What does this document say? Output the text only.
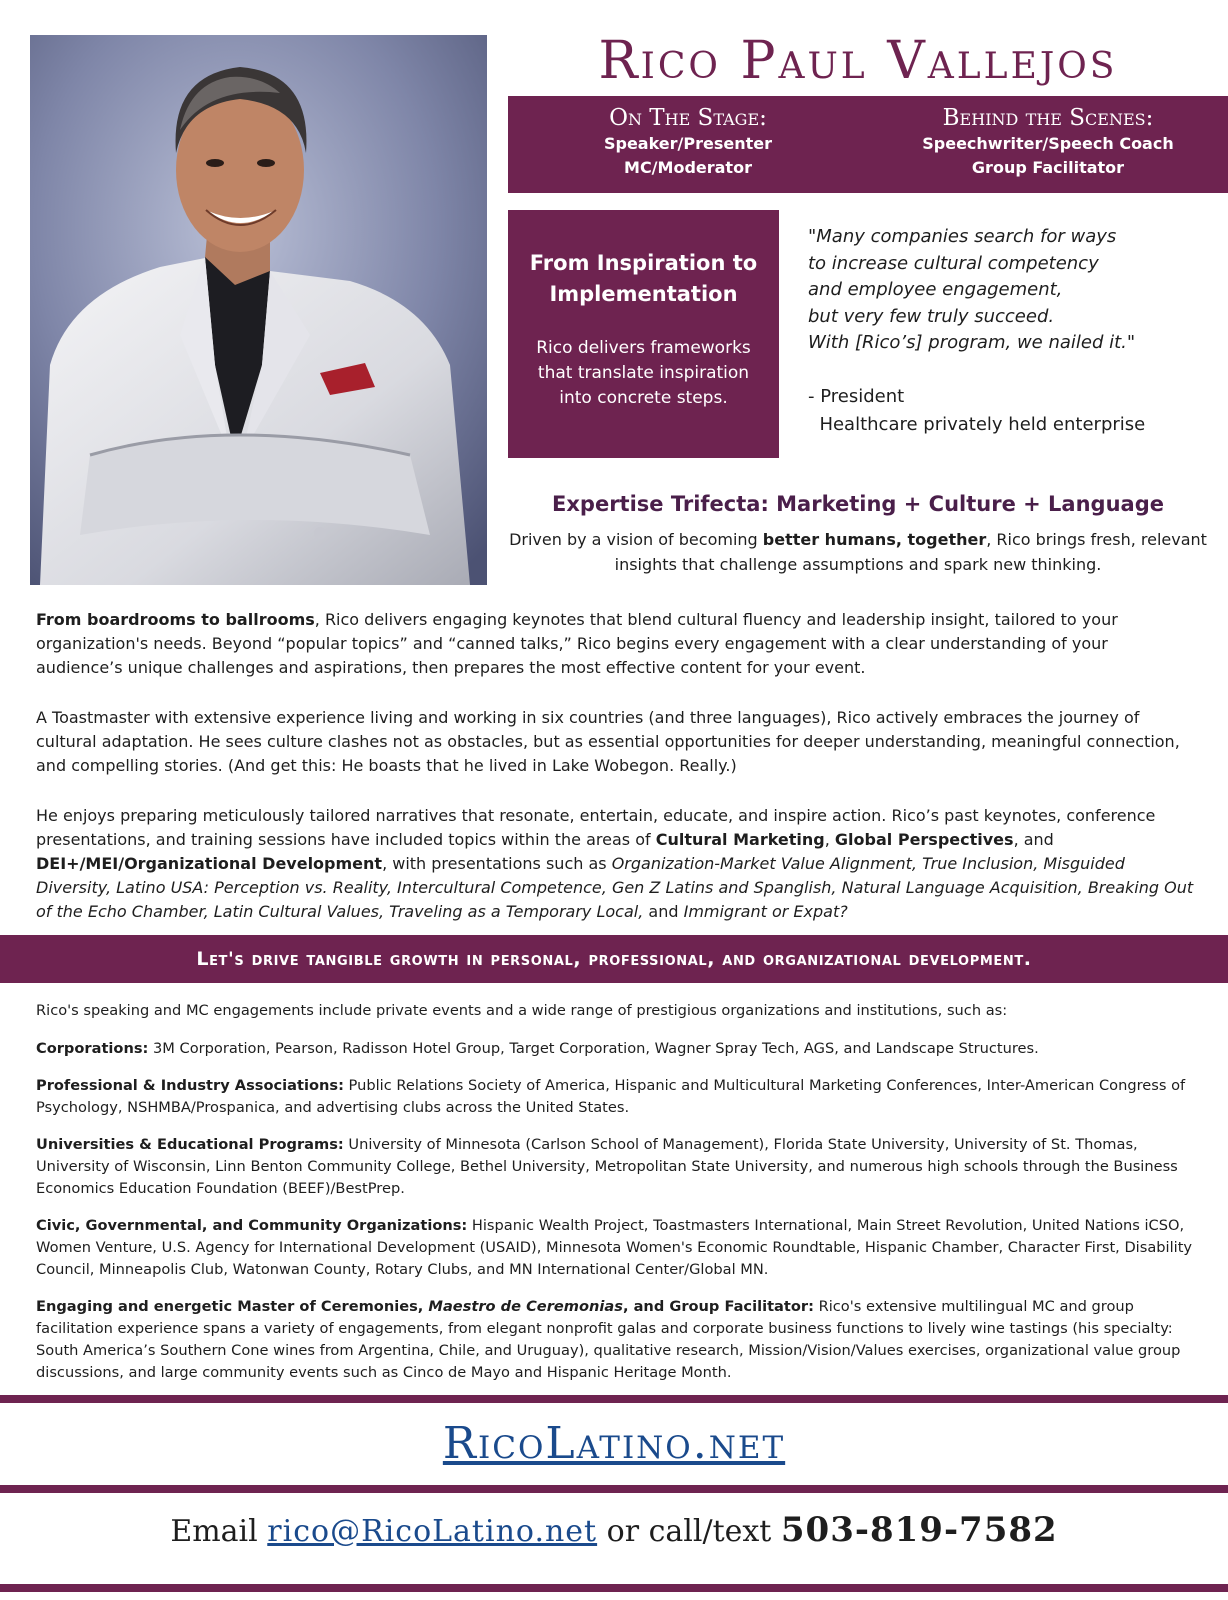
Rico Paul Vallejos
On The Stage:
Speaker/Presenter
MC/Moderator
Behind the Scenes:
Speechwriter/Speech Coach
Group Facilitator
From Inspiration to Implementation
Rico delivers frameworks that translate inspiration into concrete steps.
"Many companies search for ways
to increase cultural competency
and employee engagement,
but very few truly succeed.
With [Rico’s] program, we nailed it."
- President
Healthcare privately held enterprise
Expertise Trifecta: Marketing + Culture + Language
Driven by a vision of becoming better humans, together, Rico brings fresh, relevant insights that challenge assumptions and spark new thinking.
From boardrooms to ballrooms, Rico delivers engaging keynotes that blend cultural fluency and leadership insight, tailored to your organization's needs. Beyond “popular topics” and “canned talks,” Rico begins every engagement with a clear understanding of your audience’s unique challenges and aspirations, then prepares the most effective content for your event.
A Toastmaster with extensive experience living and working in six countries (and three languages), Rico actively embraces the journey of cultural adaptation. He sees culture clashes not as obstacles, but as essential opportunities for deeper understanding, meaningful connection, and compelling stories. (And get this: He boasts that he lived in Lake Wobegon. Really.)
He enjoys preparing meticulously tailored narratives that resonate, entertain, educate, and inspire action. Rico’s past keynotes, conference presentations, and training sessions have included topics within the areas of Cultural Marketing, Global Perspectives, and DEI+/MEI/Organizational Development, with presentations such as Organization-Market Value Alignment, True Inclusion, Misguided Diversity, Latino USA: Perception vs. Reality, Intercultural Competence, Gen Z Latins and Spanglish, Natural Language Acquisition, Breaking Out of the Echo Chamber, Latin Cultural Values, Traveling as a Temporary Local, and Immigrant or Expat?
Let's drive tangible growth in personal, professional, and organizational development.
Rico's speaking and MC engagements include private events and a wide range of prestigious organizations and institutions, such as:
Corporations: 3M Corporation, Pearson, Radisson Hotel Group, Target Corporation, Wagner Spray Tech, AGS, and Landscape Structures.
Professional & Industry Associations: Public Relations Society of America, Hispanic and Multicultural Marketing Conferences, Inter-American Congress of Psychology, NSHMBA/Prospanica, and advertising clubs across the United States.
Universities & Educational Programs: University of Minnesota (Carlson School of Management), Florida State University, University of St. Thomas, University of Wisconsin, Linn Benton Community College, Bethel University, Metropolitan State University, and numerous high schools through the Business Economics Education Foundation (BEEF)/BestPrep.
Civic, Governmental, and Community Organizations: Hispanic Wealth Project, Toastmasters International, Main Street Revolution, United Nations iCSO, Women Venture, U.S. Agency for International Development (USAID), Minnesota Women's Economic Roundtable, Hispanic Chamber, Character First, Disability Council, Minneapolis Club, Watonwan County, Rotary Clubs, and MN International Center/Global MN.
Engaging and energetic Master of Ceremonies, Maestro de Ceremonias, and Group Facilitator: Rico's extensive multilingual MC and group facilitation experience spans a variety of engagements, from elegant nonprofit galas and corporate business functions to lively wine tastings (his specialty: South America’s Southern Cone wines from Argentina, Chile, and Uruguay), qualitative research, Mission/Vision/Values exercises, organizational value group discussions, and large community events such as Cinco de Mayo and Hispanic Heritage Month.
RicoLatino.net
Email rico@RicoLatino.net or call/text 503-819-7582
